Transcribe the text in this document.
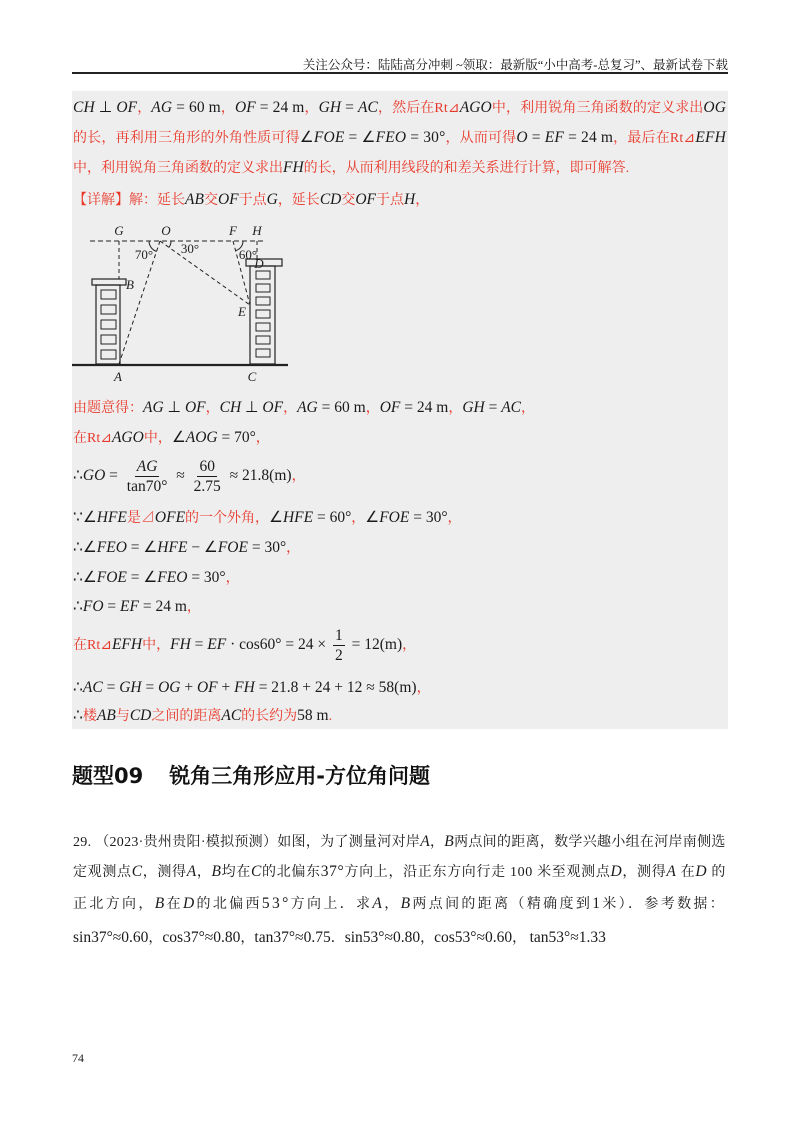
关注公众号：陆陆高分冲刺 ~领取：最新版“小中高考-总复习”、最新试卷下载
CH ⊥ OF，AG = 60 m，OF = 24 m，GH = AC，然后在Rt⊿AGO中，利用锐角三角函数的定义求出OG
的长，再利用三角形的外角性质可得∠FOE = ∠FEO = 30°，从而可得O = EF = 24 m，最后在Rt⊿EFH
中，利用锐角三角函数的定义求出FH的长，从而利用线段的和差关系进行计算，即可解答.
【详解】解：延长AB交OF于点G，延长CD交OF于点H，
G	O	F H
70° 30°	60°
B
D
E
A	C
由题意得：AG ⊥ OF，CH ⊥ OF，AG = 60 m，OF = 24 m，GH = AC，
在Rt⊿AGO中，∠AOG = 70°，
∴GO = $\frac{AG}{\tan 70^\circ} \approx \frac{60}{2.75} \approx 21.8(m)$，
∵∠HFE是⊿OFE的一个外角，∠HFE = 60°，∠FOE = 30°，
∴∠FEO = ∠HFE − ∠FOE = 30°，
∴∠FOE = ∠FEO = 30°，
∴FO = EF = 24 m，
在Rt⊿EFH中，FH = EF · $\cos 60^\circ = 24 \times \frac{1}{2} = 12(m)$，
∴AC = GH = OG + OF + FH = 21.8 + 24 + 12 ≈ 58(m)，
∴楼AB与CD之间的距离AC的长约为58 m.
题型09 锐角三角形应用-方位角问题
29. （2023·贵州贵阳·模拟预测）如图，为了测量河对岸A，B两点间的距离，数学兴趣小组在河岸南侧选
定观测点C，测得A，B均在C的北偏东37°方向上，沿正东方向行走 100 米至观测点D，测得A 在D 的
正北方向，B在D的北偏西53°方向上．求A，B两点间的距离（精确度到1米）．参考数据：
sin37°≈0.60，cos37°≈0.80，tan37°≈0.75．sin53°≈0.80，cos53°≈0.60， tan53°≈1.33
74
